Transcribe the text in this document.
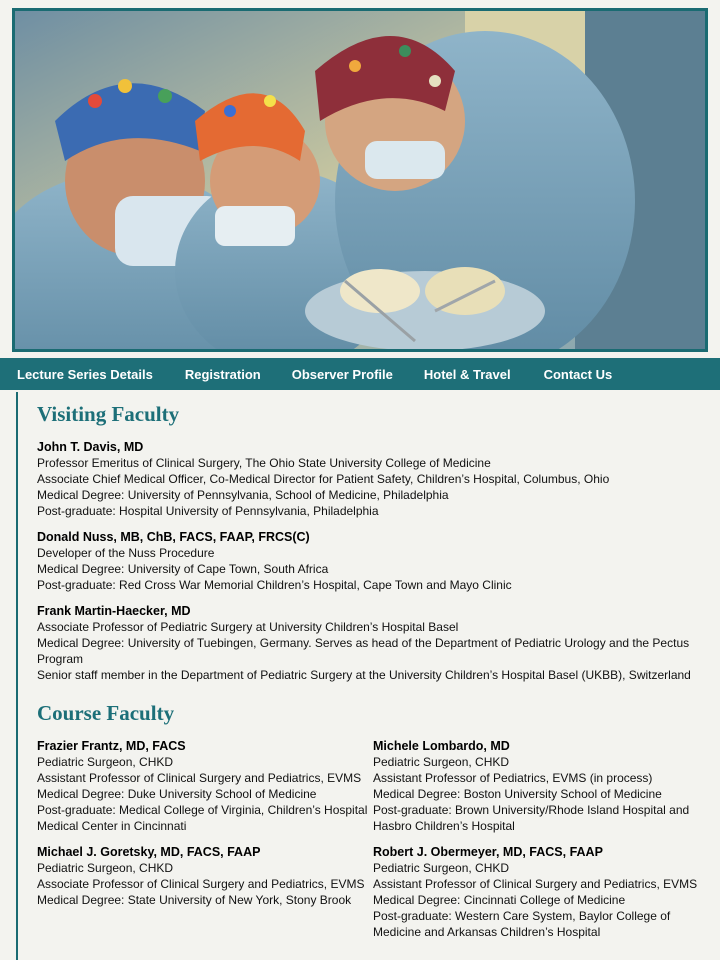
Lecture Series Details Registration Observer Profile Hotel & Travel	Contact Us
Visiting Faculty
John T. Davis, MD
Professor Emeritus of Clinical Surgery, The Ohio State University College of Medicine
Associate Chief Medical Officer, Co-Medical Director for Patient Safety, Children’s Hospital, Columbus, Ohio
Medical Degree: University of Pennsylvania, School of Medicine, Philadelphia
Post-graduate: Hospital University of Pennsylvania, Philadelphia
Donald Nuss, MB, ChB, FACS, FAAP, FRCS(C)
Developer of the Nuss Procedure
Medical Degree: University of Cape Town, South Africa
Post-graduate: Red Cross War Memorial Children’s Hospital, Cape Town and Mayo Clinic
Frank Martin-Haecker, MD
Associate Professor of Pediatric Surgery at University Children’s Hospital Basel
Medical Degree: University of Tuebingen, Germany. Serves as head of the Department of Pediatric Urology and the Pectus Program
Senior staff member in the Department of Pediatric Surgery at the University Children’s Hospital Basel (UKBB), Switzerland
Course Faculty
Frazier Frantz, MD, FACS
Pediatric Surgeon, CHKD
Assistant Professor of Clinical Surgery and Pediatrics, EVMS
Medical Degree: Duke University School of Medicine
Post-graduate: Medical College of Virginia, Children’s Hospital Medical Center in Cincinnati
Michael J. Goretsky, MD, FACS, FAAP
Pediatric Surgeon, CHKD
Associate Professor of Clinical Surgery and Pediatrics, EVMS
Medical Degree: State University of New York, Stony Brook
Michele Lombardo, MD
Pediatric Surgeon, CHKD
Assistant Professor of Pediatrics, EVMS (in process)
Medical Degree: Boston University School of Medicine
Post-graduate: Brown University/Rhode Island Hospital and Hasbro Children’s Hospital
Robert J. Obermeyer, MD, FACS, FAAP
Pediatric Surgeon, CHKD
Assistant Professor of Clinical Surgery and Pediatrics, EVMS
Medical Degree: Cincinnati College of Medicine
Post-graduate: Western Care System, Baylor College of Medicine and Arkansas Children’s Hospital
